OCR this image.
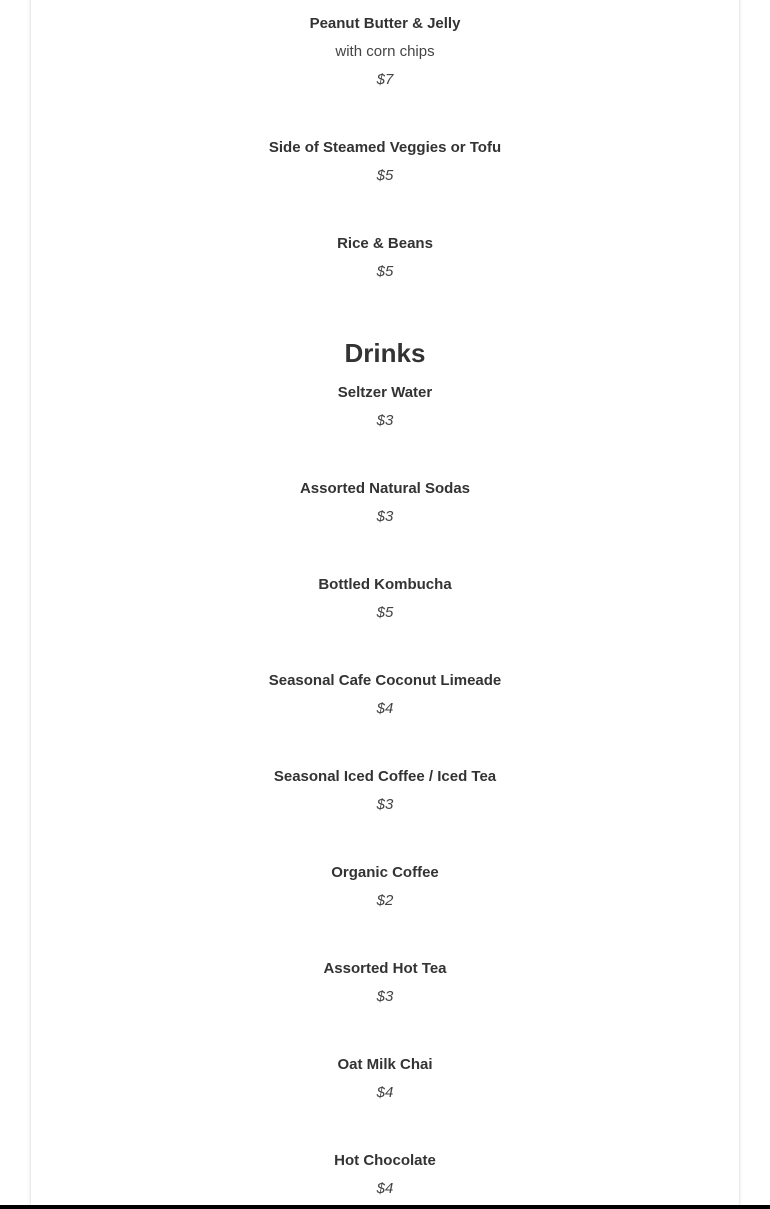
Peanut Butter & Jelly
with corn chips
$7
Side of Steamed Veggies or Tofu
$5
Rice & Beans
$5
Drinks
Seltzer Water
$3
Assorted Natural Sodas
$3
Bottled Kombucha
$5
Seasonal Cafe Coconut Limeade
$4
Seasonal Iced Coffee / Iced Tea
$3
Organic Coffee
$2
Assorted Hot Tea
$3
Oat Milk Chai
$4
Hot Chocolate
$4
